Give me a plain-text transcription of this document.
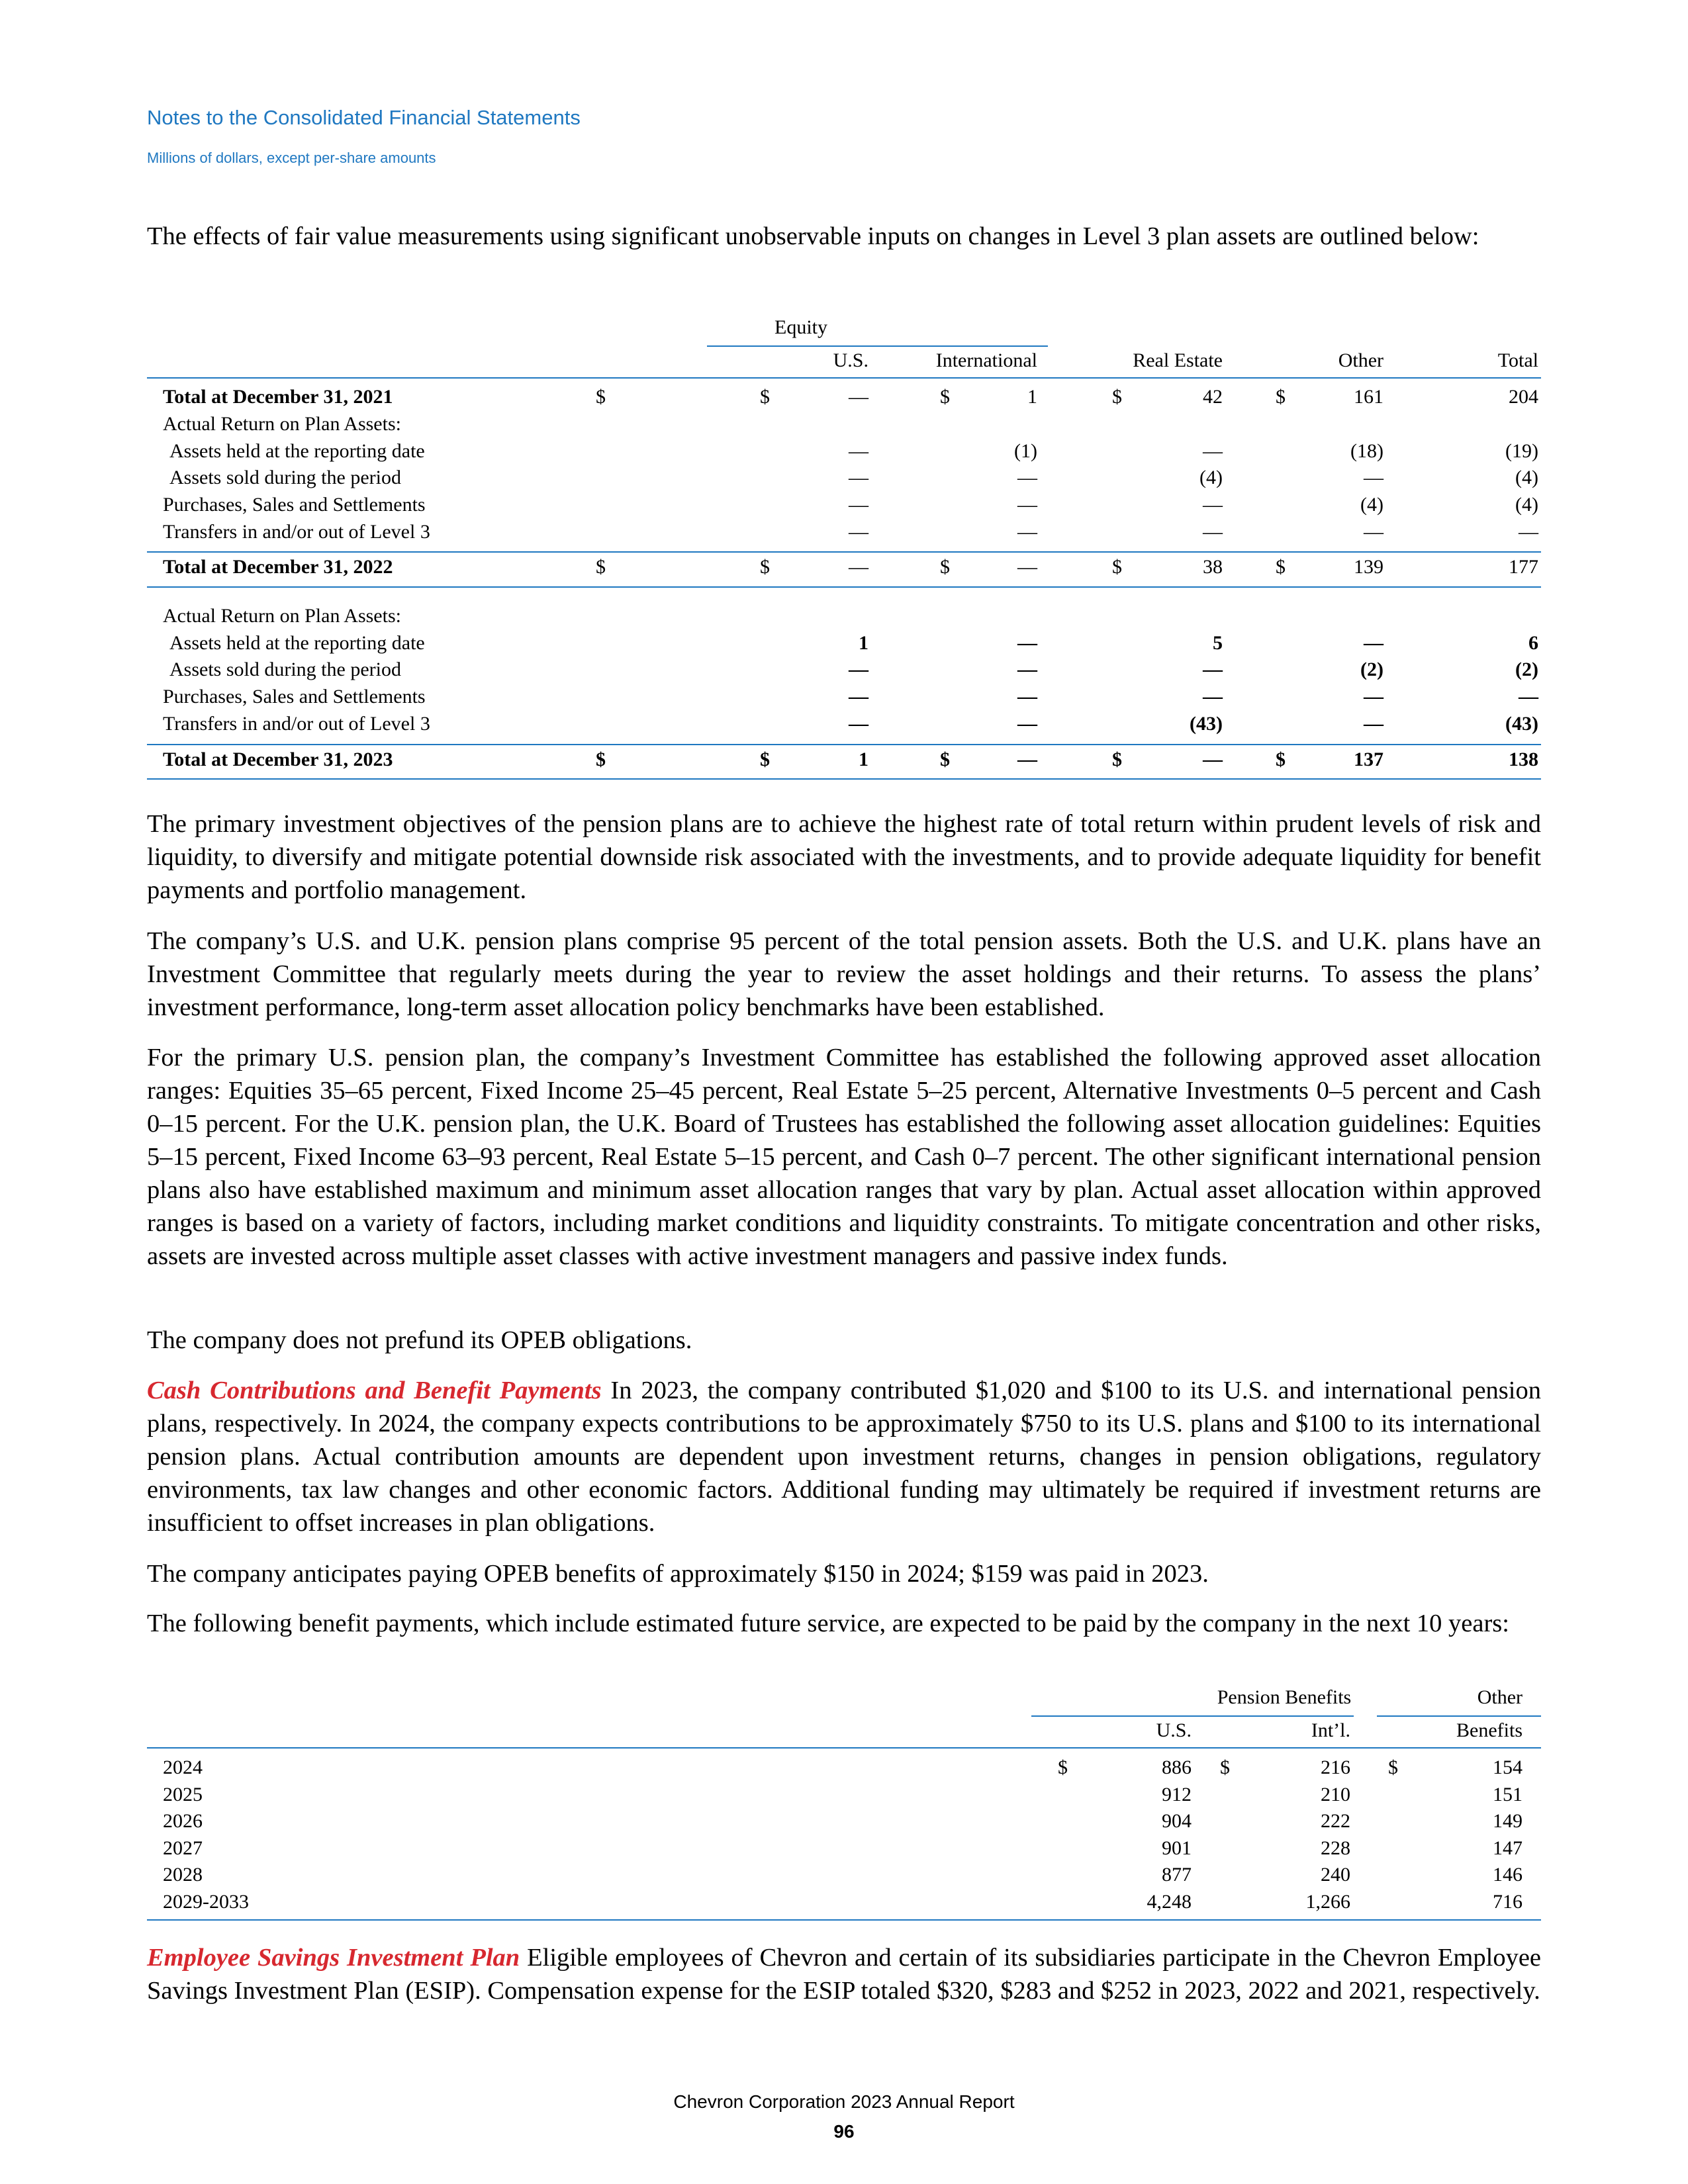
Notes to the Consolidated Financial Statements
Millions of dollars, except per-share amounts

The effects of fair value measurements using significant unobservable inputs on changes in Level 3 plan assets are outlined below:

Equity
U.S.	International	Real Estate	Other	Total
Total at December 31, 2021	—	1	42	161	204
$	$	$	$	$
Actual Return on Plan Assets:
Assets held at the reporting date	—	(1)	—	(18)	(19)
Assets sold during the period	—	—	(4)	—	(4)
Purchases, Sales and Settlements	—	—	—	(4)	(4)
Transfers in and/or out of Level 3	—	—	—	—	—
Total at December 31, 2022	—	—	38	139	177
$	$	$	$	$
Actual Return on Plan Assets:
Assets held at the reporting date	1	—	5	—	6
Assets sold during the period	—	—	—	(2)	(2)
Purchases, Sales and Settlements	—	—	—	—	—
Transfers in and/or out of Level 3	—	—	(43)	—	(43)
Total at December 31, 2023	1	—	—	137	138
$	$	$	$	$

The primary investment objectives of the pension plans are to achieve the highest rate of total return within prudent levels of risk and liquidity, to diversify and mitigate potential downside risk associated with the investments, and to provide adequate liquidity for benefit payments and portfolio management.

The company’s U.S. and U.K. pension plans comprise 95 percent of the total pension assets. Both the U.S. and U.K. plans have an Investment Committee that regularly meets during the year to review the asset holdings and their returns. To assess the plans’ investment performance, long-term asset allocation policy benchmarks have been established.

For the primary U.S. pension plan, the company’s Investment Committee has established the following approved asset allocation ranges: Equities 35–65 percent, Fixed Income 25–45 percent, Real Estate 5–25 percent, Alternative Investments 0–5 percent and Cash 0–15 percent. For the U.K. pension plan, the U.K. Board of Trustees has established the following asset allocation guidelines: Equities 5–15 percent, Fixed Income 63–93 percent, Real Estate 5–15 percent, and Cash 0–7 percent. The other significant international pension plans also have established maximum and minimum asset allocation ranges that vary by plan. Actual asset allocation within approved ranges is based on a variety of factors, including market conditions and liquidity constraints. To mitigate concentration and other risks, assets are invested across multiple asset classes with active investment managers and passive index funds.

The company does not prefund its OPEB obligations.

Cash Contributions and Benefit Payments In 2023, the company contributed $1,020 and $100 to its U.S. and international pension plans, respectively. In 2024, the company expects contributions to be approximately $750 to its U.S. plans and $100 to its international pension plans. Actual contribution amounts are dependent upon investment returns, changes in pension obligations, regulatory environments, tax law changes and other economic factors. Additional funding may ultimately be required if investment returns are insufficient to offset increases in plan obligations.

The company anticipates paying OPEB benefits of approximately $150 in 2024; $159 was paid in 2023.

The following benefit payments, which include estimated future service, are expected to be paid by the company in the next 10 years:

Pension Benefits	Other
U.S.	Int’l.	Benefits
2024	886	216	154
$	$	$
2025	912	210	151
2026	904	222	149
2027	901	228	147
2028	877	240	146
2029-2033	4,248	1,266	716

Employee Savings Investment Plan Eligible employees of Chevron and certain of its subsidiaries participate in the Chevron Employee Savings Investment Plan (ESIP). Compensation expense for the ESIP totaled $320, $283 and $252 in 2023, 2022 and 2021, respectively.

Chevron Corporation 2023 Annual Report
96
